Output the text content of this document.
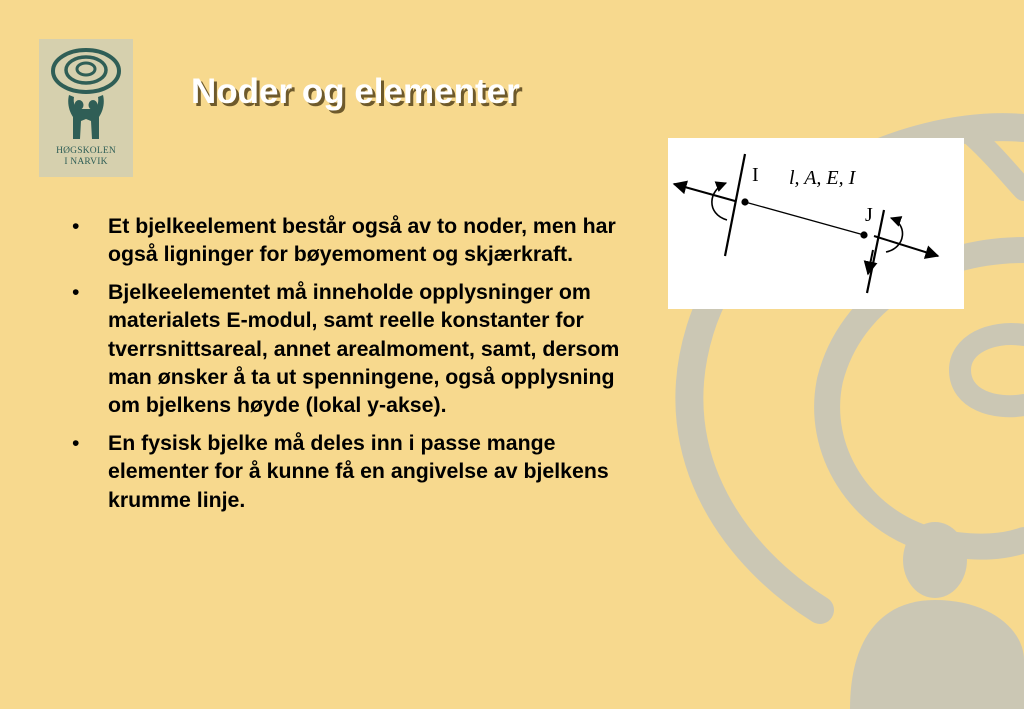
HØGSKOLEN
I NARVIK
Noder og elementer
• Et bjelkeelement består også av to noder, men har også ligninger for bøyemoment og skjærkraft.
• Bjelkeelementet må inneholde opplysninger om materialets E-modul, samt reelle konstanter for tverrsnittsareal, annet arealmoment, samt, dersom man ønsker å ta ut spenningene, også opplysning om bjelkens høyde (lokal y-akse).
• En fysisk bjelke må deles inn i passe mange elementer for å kunne få en angivelse av bjelkens krumme linje.
I
J
l, A, E, I
